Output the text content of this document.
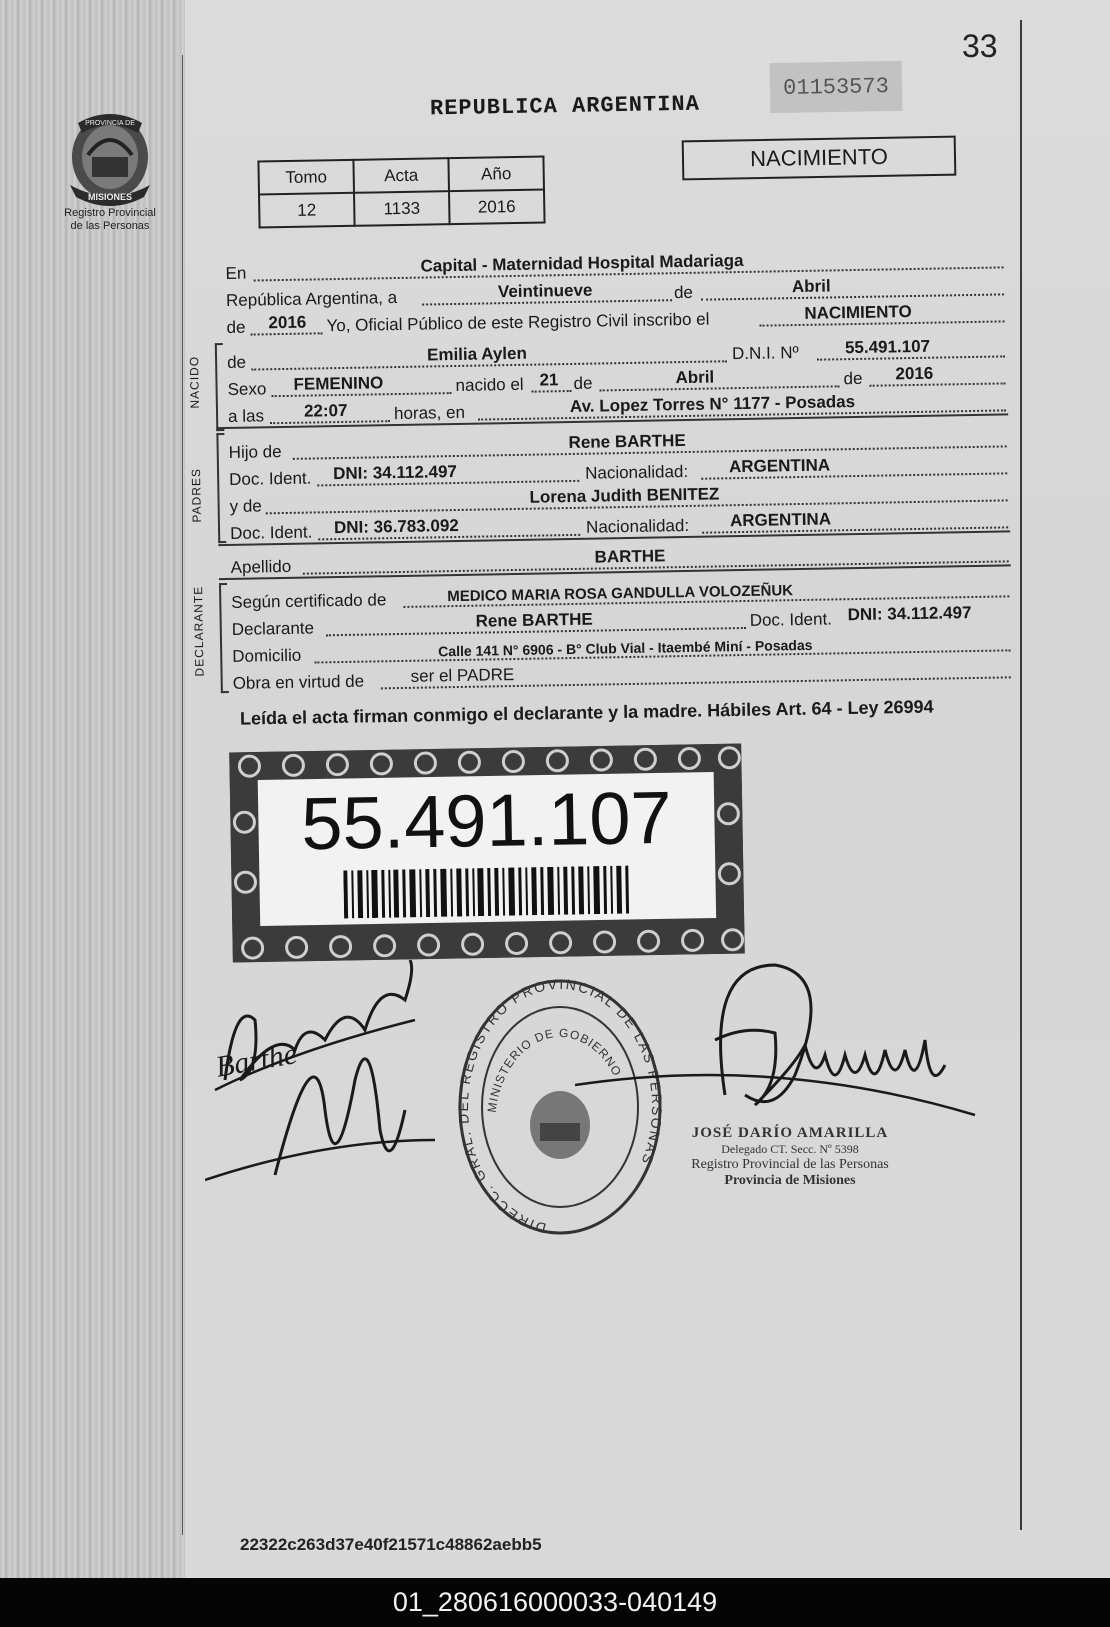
33
PROVINCIA DE
MISIONES
Registro Provincial
de las Personas
REPUBLICA ARGENTINA
01153573
Tomo	Acta	Año
12	1133	2016
NACIMIENTO
En	Capital - Maternidad Hospital Madariaga
República Argentina, a	Veintinueve	de	Abril
de 2016 Yo, Oficial Público de este Registro Civil inscribo el	NACIMIENTO
NACIDO de	Emilia Aylen	D.N.I. Nº	55.491.107
Sexo FEMENINO	nacido el 21 de	Abril	de 2016
a las 22:07	horas, en	Av. Lopez Torres N° 1177 - Posadas
PADRES
Hijo de	Rene BARTHE
Doc. Ident. DNI: 34.112.497	Nacionalidad: ARGENTINA
y de	Lorena Judith BENITEZ
Doc. Ident. DNI: 36.783.092	Nacionalidad: ARGENTINA
Apellido
BARTHE
DECLARANTE Según certificado de	MEDICO MARIA ROSA GANDULLA VOLOZEÑUK
Declarante	Rene BARTHE	Doc. Ident. DNI: 34.112.497
Domicilio	Calle 141 N° 6906 - B° Club Vial - Itaembé Miní - Posadas
Obra en virtud de	ser el PADRE
Leída el acta firman conmigo el declarante y la madre. Hábiles Art. 64 - Ley 26994
55.491.107
Barthe
DIRECC. GRAL. DEL REGISTRO PROVINCIAL DE LAS PERSONAS
MINISTERIO DE GOBIERNO
JOSÉ DARÍO AMARILLA
Delegado CT. Secc. Nº 5398
Registro Provincial de las Personas
Provincia de Misiones
22322c263d37e40f21571c48862aebb5
01_280616000033-040149
